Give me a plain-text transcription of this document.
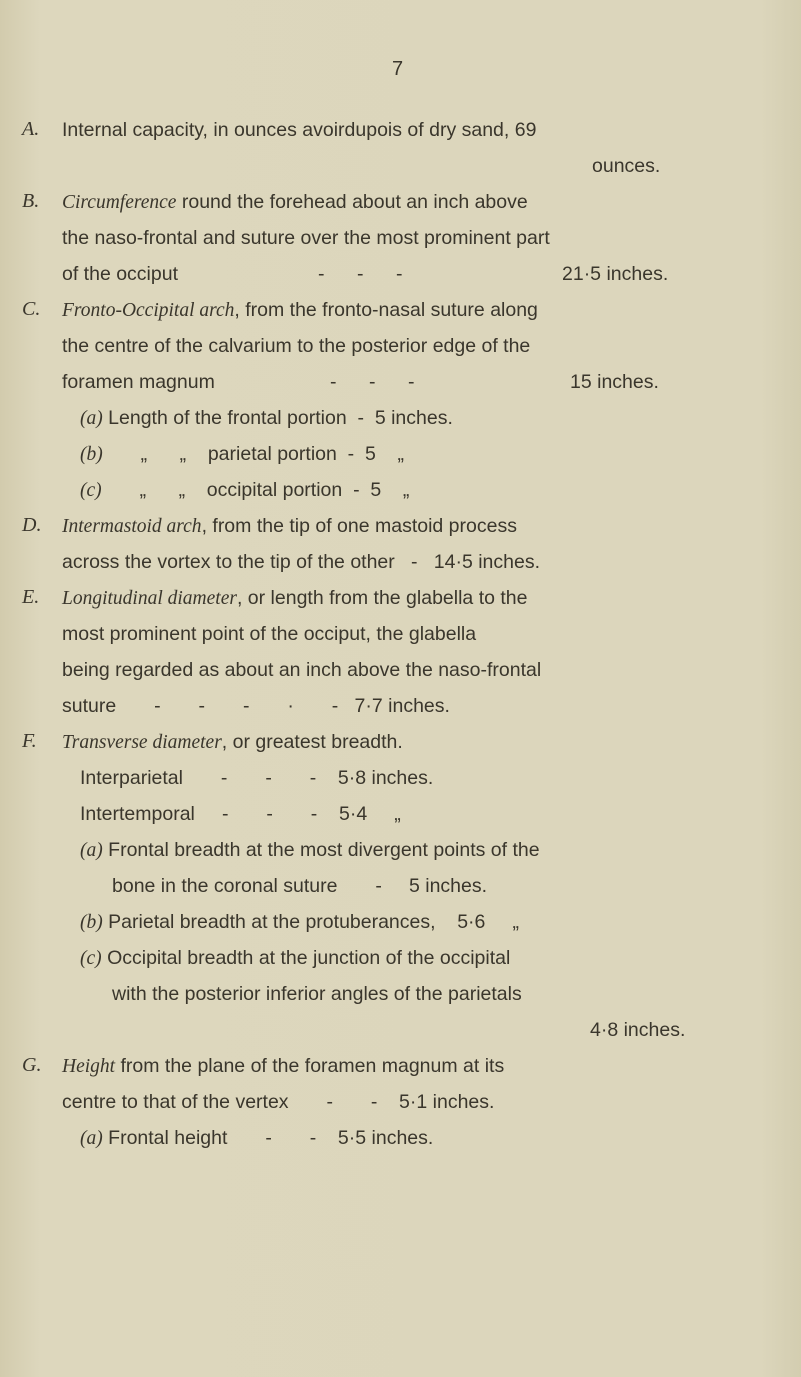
7
A. Internal capacity, in ounces avoirdupois of dry sand, 69
ounces.
B. Circumference round the forehead about an inch above
the naso-frontal and suture over the most prominent part
of the occiput	-      -      -	21·5 inches.
C. Fronto-Occipital arch, from the fronto-nasal suture along
the centre of the calvarium to the posterior edge of the
foramen magnum	-      -      -	15 inches.
(a) Length of the frontal portion  -  5 inches.
(b)       „      „    parietal portion  -  5    „
(c)       „      „    occipital portion  -  5    „
D. Intermastoid arch, from the tip of one mastoid process
across the vortex to the tip of the other   -   14·5 inches.
E. Longitudinal diameter, or length from the glabella to the
most prominent point of the occiput, the glabella
being regarded as about an inch above the naso-frontal
suture       -       -       -       ·       -   7·7 inches.
F. Transverse diameter, or greatest breadth.
Interparietal       -       -       -    5·8 inches.
Intertemporal     -       -       -    5·4     „
(a) Frontal breadth at the most divergent points of the
bone in the coronal suture       -     5 inches.
(b) Parietal breadth at the protuberances,    5·6     „
(c) Occipital breadth at the junction of the occipital
with the posterior inferior angles of the parietals
4·8 inches.
G. Height from the plane of the foramen magnum at its
centre to that of the vertex       -       -    5·1 inches.
(a) Frontal height       -       -    5·5 inches.
